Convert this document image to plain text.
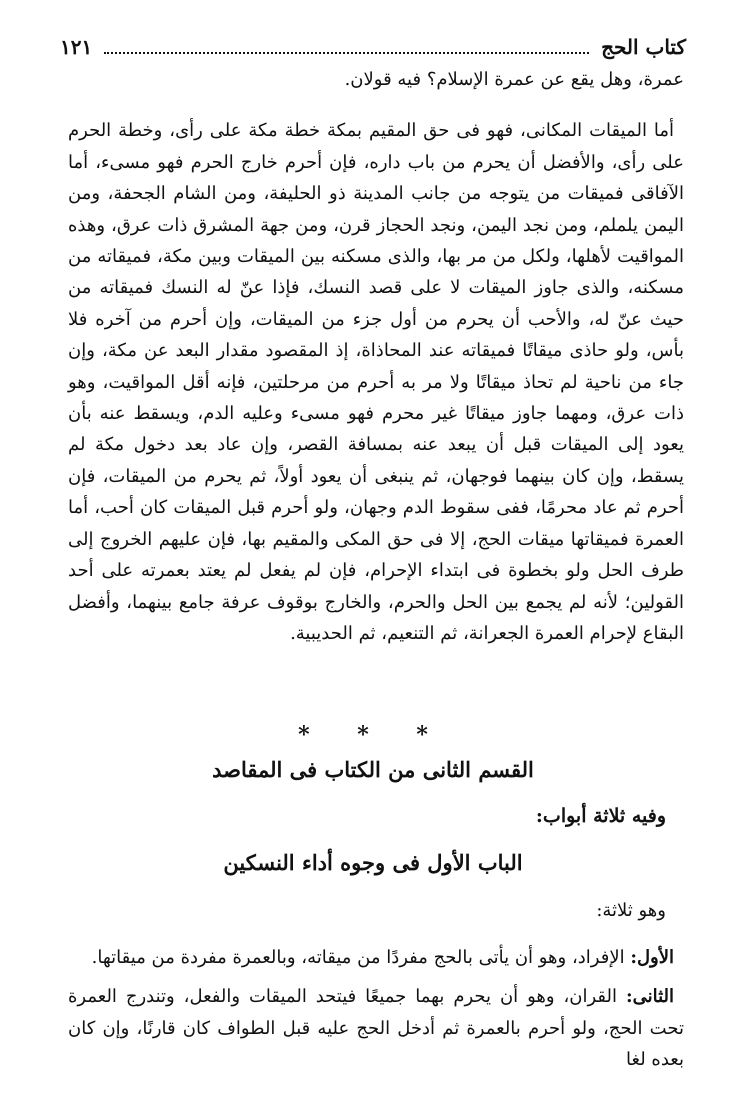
كتاب الحج
١٢١

عمرة، وهل يقع عن عمرة الإسلام؟ فيه قولان.

أما الميقات المكانى، فهو فى حق المقيم بمكة خطة مكة على رأى، وخطة الحرم على رأى، والأفضل أن يحرم من باب داره، فإن أحرم خارج الحرم فهو مسىء، أما الآفاقى فميقات من يتوجه من جانب المدينة ذو الحليفة، ومن الشام الجحفة، ومن اليمن يلملم، ومن نجد اليمن، ونجد الحجاز قرن، ومن جهة المشرق ذات عرق، وهذه المواقيت لأهلها، ولكل من مر بها، والذى مسكنه بين الميقات وبين مكة، فميقاته من مسكنه، والذى جاوز الميقات لا على قصد النسك، فإذا عنّ له النسك فميقاته من حيث عنّ له، والأحب أن يحرم من أول جزء من الميقات، وإن أحرم من آخره فلا بأس، ولو حاذى ميقاتًا فميقاته عند المحاذاة، إذ المقصود مقدار البعد عن مكة، وإن جاء من ناحية لم تحاذ ميقاتًا ولا مر به أحرم من مرحلتين، فإنه أقل المواقيت، وهو ذات عرق، ومهما جاوز ميقاتًا غير محرم فهو مسىء وعليه الدم، ويسقط عنه بأن يعود إلى الميقات قبل أن يبعد عنه بمسافة القصر، وإن عاد بعد دخول مكة لم يسقط، وإن كان بينهما فوجهان، ثم ينبغى أن يعود أولاً، ثم يحرم من الميقات، فإن أحرم ثم عاد محرمًا، ففى سقوط الدم وجهان، ولو أحرم قبل الميقات كان أحب، أما العمرة فميقاتها ميقات الحج، إلا فى حق المكى والمقيم بها، فإن عليهم الخروج إلى طرف الحل ولو بخطوة فى ابتداء الإحرام، فإن لم يفعل لم يعتد بعمرته على أحد القولين؛ لأنه لم يجمع بين الحل والحرم، والخارج بوقوف عرفة جامع بينهما، وأفضل البقاع لإحرام العمرة الجعرانة، ثم التنعيم، ثم الحديبية.

* * *
القسم الثانى من الكتاب فى المقاصد
وفيه ثلاثة أبواب:
الباب الأول فى وجوه أداء النسكين
وهو ثلاثة:

الأول: الإفراد، وهو أن يأتى بالحج مفردًا من ميقاته، وبالعمرة مفردة من ميقاتها.

الثانى: القران، وهو أن يحرم بهما جميعًا فيتحد الميقات والفعل، وتندرج العمرة تحت الحج، ولو أحرم بالعمرة ثم أدخل الحج عليه قبل الطواف كان قارنًا، وإن كان بعده لغا
